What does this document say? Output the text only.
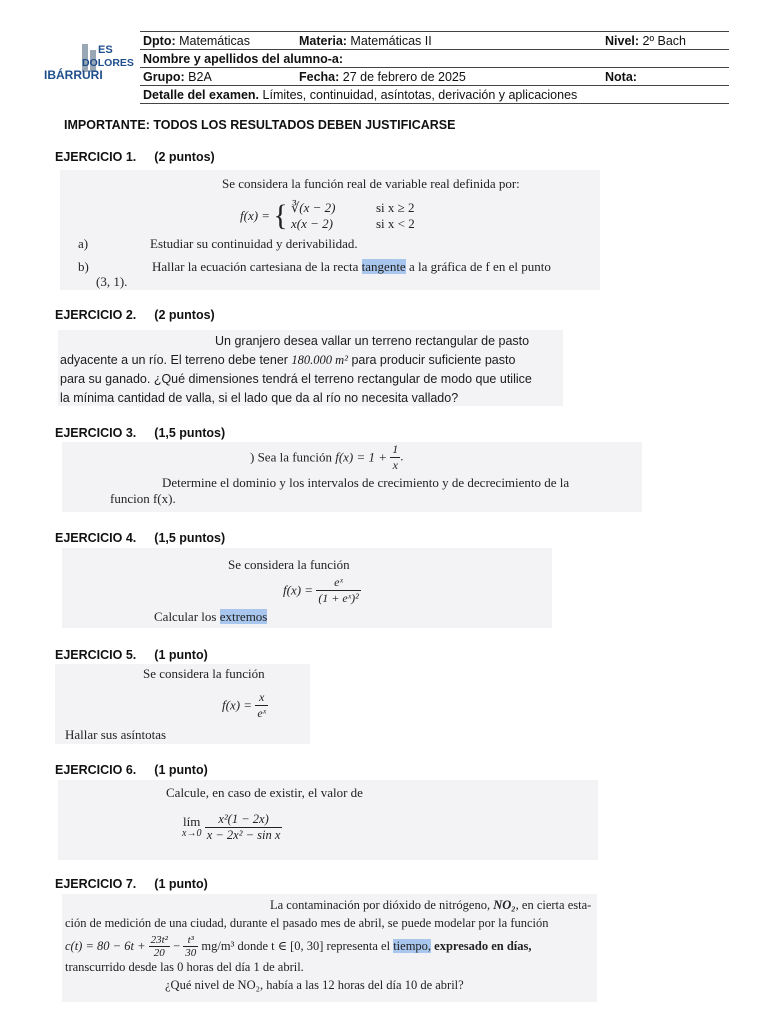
ES
DOLORES
IBÁRRURI
Dpto: Matemáticas	Materia: Matemáticas II	Nivel: 2º Bach
Nombre y apellidos del alumno-a:		
Grupo: B2A	Fecha: 27 de febrero de 2025	Nota:
Detalle del examen. Límites, continuidad, asíntotas, derivación y aplicaciones		
IMPORTANTE: TODOS LOS RESULTADOS DEBEN JUSTIFICARSE
EJERCICIO 1. (2 puntos)
Se considera la función real de variable real definida por:
f(x) = { ∛(x − 2)	si x ≥ 2
x(x − 2)	si x < 2
a)	Estudiar su continuidad y derivabilidad.
b)	Hallar la ecuación cartesiana de la recta tangente a la gráfica de f en el punto
(3, 1).
EJERCICIO 2. (2 puntos)
Un granjero desea vallar un terreno rectangular de pasto
adyacente a un río. El terreno debe tener 180.000 m² para producir suficiente pasto
para su ganado. ¿Qué dimensiones tendrá el terreno rectangular de modo que utilice
la mínima cantidad de valla, si el lado que da al río no necesita vallado?
EJERCICIO 3. (1,5 puntos)
) Sea la función $f(x) = 1 + \frac{1}{x}$ .
Determine el dominio y los intervalos de crecimiento y de decrecimiento de la
funcion f(x).
EJERCICIO 4. (1,5 puntos)
Se considera la función
$f(x) = \frac{\text{eˣ}}{\text{(1 + eˣ)²}}$
Calcular los extremos
EJERCICIO 5. (1 punto)
Se considera la función
$f(x) = \frac{x}{\text{eˣ}}$
Hallar sus asíntotas
EJERCICIO 6. (1 punto)
Calcule, en caso de existir, el valor de
lím
x→0
$\frac{\text{x²(1 − 2x)}}{\text{x − 2x² − sin x}}$
EJERCICIO 7. (1 punto)
La contaminación por dióxido de nitrógeno, NO₂, en cierta esta-
ción de medición de una ciudad, durante el pasado mes de abril, se puede modelar por la función
$c(t) = 80 - 6t + \frac{\text{23t²}}{20} - \frac{\text{t³}}{30} mg/m^3$ donde t ∈ [0, 30] representa el tiempo, expresado en días,
transcurrido desde las 0 horas del día 1 de abril.
¿Qué nivel de NO₂, había a las 12 horas del día 10 de abril?
